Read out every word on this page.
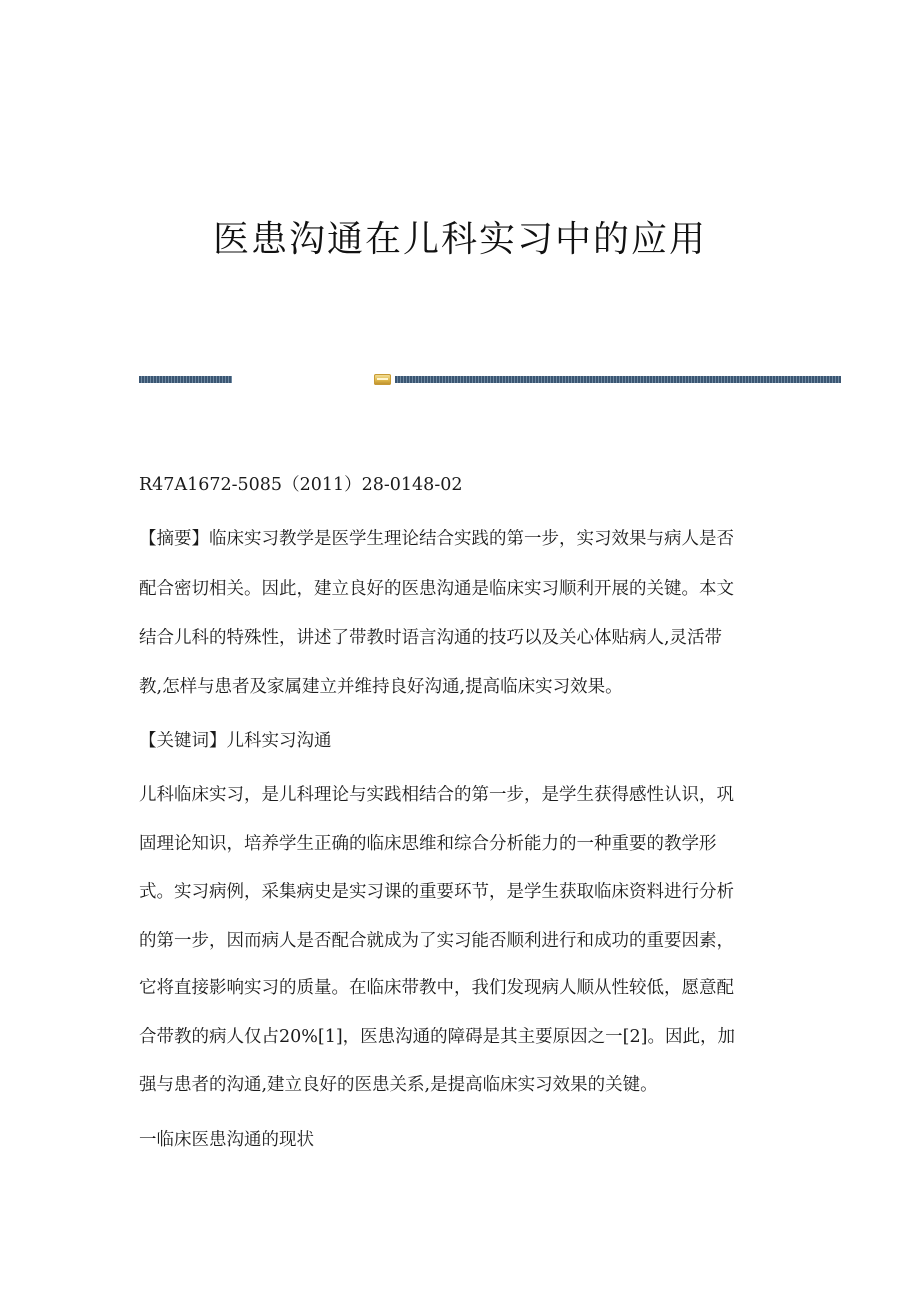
医患沟通在儿科实习中的应用
R47A1672-5085（2011）28-0148-02
【摘要】临床实习教学是医学生理论结合实践的第一步，实习效果与病人是否
配合密切相关。因此，建立良好的医患沟通是临床实习顺利开展的关键。本文
结合儿科的特殊性，讲述了带教时语言沟通的技巧以及关心体贴病人,灵活带
教,怎样与患者及家属建立并维持良好沟通,提高临床实习效果。
【关键词】儿科实习沟通
儿科临床实习，是儿科理论与实践相结合的第一步，是学生获得感性认识，巩
固理论知识，培养学生正确的临床思维和综合分析能力的一种重要的教学形
式。实习病例，采集病史是实习课的重要环节，是学生获取临床资料进行分析
的第一步，因而病人是否配合就成为了实习能否顺利进行和成功的重要因素，
它将直接影响实习的质量。在临床带教中，我们发现病人顺从性较低，愿意配
合带教的病人仅占20%[1]，医患沟通的障碍是其主要原因之一[2]。因此，加
强与患者的沟通,建立良好的医患关系,是提高临床实习效果的关键。
一临床医患沟通的现状
